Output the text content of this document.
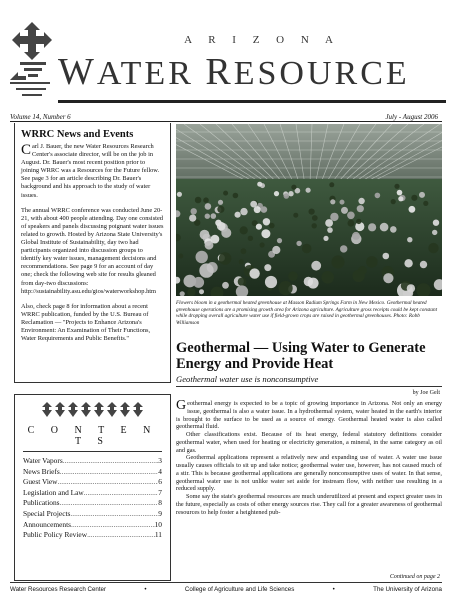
A R I Z O N A
WATER RESOURCE
Volume 14, Number 6	July - August 2006
WRRC News and Events

Carl J. Bauer, the new Water Resources Research Center's associate director, will be on the job in August. Dr. Bauer's most recent position prior to joining WRRC was a Resources for the Future fellow. See page 3 for an article describing Dr. Bauer's background and his approach to the study of water issues.

The annual WRRC conference was conducted June 20-21, with about 400 people attending. Day one consisted of speakers and panels discussing poignant water issues related to growth. Hosted by Arizona State University's Global Institute of Sustainability, day two had participants organized into discussion groups to identify key water issues, management decisions and recommendations. See page 9 for an account of day one; check the following web site for results gleaned from day-two discussions: http://sustainability.asu.edu/gios/waterworkshop.htm

Also, check page 8 for information about a recent WRRC publication, funded by the U.S. Bureau of Reclamation — "Projects to Enhance Arizona's Environment: An Examination of Their Functions, Water Requirements and Public Benefits."

C O N T E N T S
Water Vapors .....	3
News Briefs .....	4
Guest View .....	6
Legislation and Law .....	7
Publications .....	8
Special Projects .....	9
Announcements .....	10
Public Policy Review .....	11
Flowers bloom in a geothermal heated greenhouse at Masson Radium Springs Farm in New Mexico. Geothermal heated greenhouse operations are a promising growth area for Arizona agriculture. Agriculture gross receipts could be kept constant while dropping overall agriculture water use if field-grown crops are raised in geothermal greenhouses. Photo: Robb Williamson
Geothermal — Using Water to Generate Energy and Provide Heat
Geothermal water use is nonconsumptive
by Joe Gelt

Geothermal energy is expected to be a topic of growing importance in Arizona. Not only an energy issue, geothermal is also a water issue. In a hydrothermal system, water heated in the earth's interior is brought to the surface to be used as a source of energy. Geothermal heated water is also called geothermal fluid.

Other classifications exist. Because of its heat energy, federal statutory definitions consider geothermal water, when used for heating or electricity generation, a mineral, in the same category as oil and gas.

Geothermal applications represent a relatively new and expanding use of water. A water use issue usually causes officials to sit up and take notice; geothermal water use, however, has not caused much of a stir. This is because geothermal applications are generally nonconsumptive uses of water. In that sense, geothermal water use is not unlike water set aside for instream flow, with neither use resulting in a reduced supply.

Some say the state's geothermal resources are much underutilized at present and expect greater uses in the future, especially as costs of other energy sources rise. They call for a greater awareness of geothermal resources to help foster a heightened pub-

Continued on page 2
Water Resources Research Center	•	College of Agriculture and Life Sciences	•	The University of Arizona
